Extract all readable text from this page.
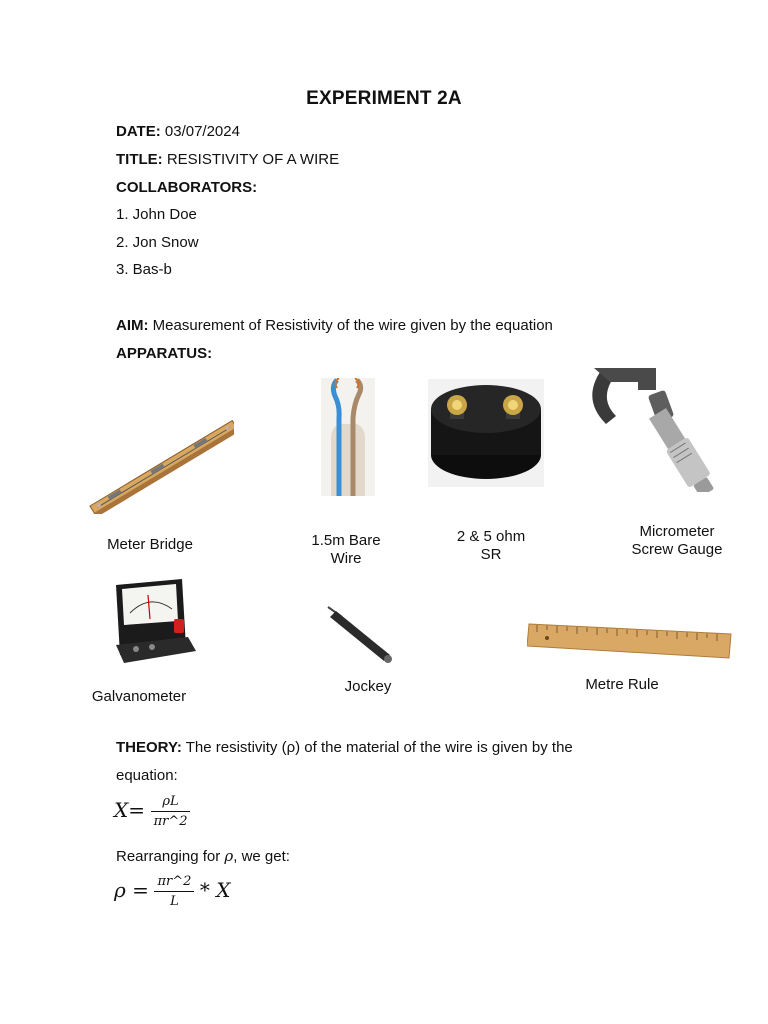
EXPERIMENT 2A
DATE: 03/07/2024
TITLE: RESISTIVITY OF A WIRE
COLLABORATORS:
1. John Doe
2. Jon Snow
3. Bas-b
AIM: Measurement of Resistivity of the wire given by the equation
APPARATUS:
Meter Bridge	1.5m Bare
Wire
2 & 5 ohm
SR
Micrometer
Screw Gauge
Galvanometer
Jockey	Metre Rule
THEORY: The resistivity (ρ) of the material of the wire is given by the
equation:
$X= \frac{\rho L}{\pi r\^{}2}$
Rearranging for ρ, we get:
$\rho = \frac{\pi r\^{}2}{L} * X$
